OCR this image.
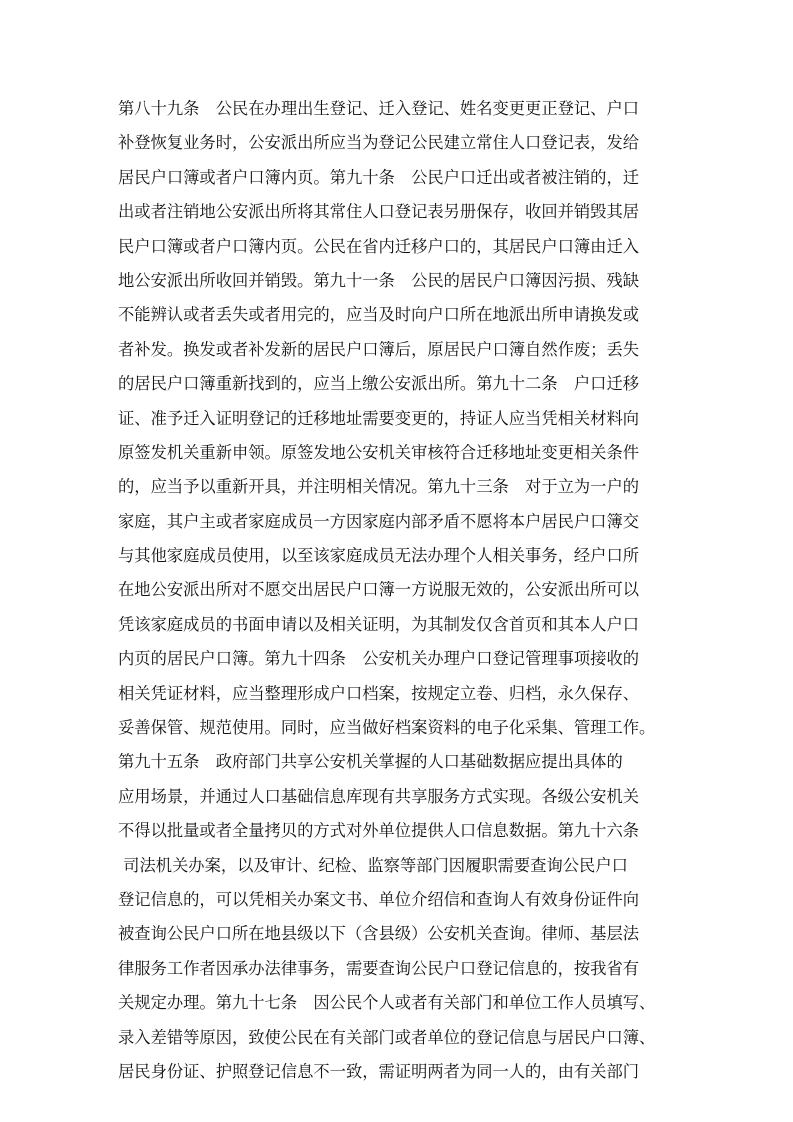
第八十九条　公民在办理出生登记、迁入登记、姓名变更更正登记、户口
补登恢复业务时，公安派出所应当为登记公民建立常住人口登记表，发给
居民户口簿或者户口簿内页。第九十条　公民户口迁出或者被注销的，迁
出或者注销地公安派出所将其常住人口登记表另册保存，收回并销毁其居
民户口簿或者户口簿内页。公民在省内迁移户口的，其居民户口簿由迁入
地公安派出所收回并销毁。第九十一条　公民的居民户口簿因污损、残缺
不能辨认或者丢失或者用完的，应当及时向户口所在地派出所申请换发或
者补发。换发或者补发新的居民户口簿后，原居民户口簿自然作废；丢失
的居民户口簿重新找到的，应当上缴公安派出所。第九十二条　户口迁移
证、准予迁入证明登记的迁移地址需要变更的，持证人应当凭相关材料向
原签发机关重新申领。原签发地公安机关审核符合迁移地址变更相关条件
的，应当予以重新开具，并注明相关情况。第九十三条　对于立为一户的
家庭，其户主或者家庭成员一方因家庭内部矛盾不愿将本户居民户口簿交
与其他家庭成员使用，以至该家庭成员无法办理个人相关事务，经户口所
在地公安派出所对不愿交出居民户口簿一方说服无效的，公安派出所可以
凭该家庭成员的书面申请以及相关证明，为其制发仅含首页和其本人户口
内页的居民户口簿。第九十四条　公安机关办理户口登记管理事项接收的
相关凭证材料，应当整理形成户口档案，按规定立卷、归档，永久保存、
妥善保管、规范使用。同时，应当做好档案资料的电子化采集、管理工作。
第九十五条　政府部门共享公安机关掌握的人口基础数据应提出具体的
应用场景，并通过人口基础信息库现有共享服务方式实现。各级公安机关
不得以批量或者全量拷贝的方式对外单位提供人口信息数据。第九十六条
司法机关办案，以及审计、纪检、监察等部门因履职需要查询公民户口
登记信息的，可以凭相关办案文书、单位介绍信和查询人有效身份证件向
被查询公民户口所在地县级以下（含县级）公安机关查询。律师、基层法
律服务工作者因承办法律事务，需要查询公民户口登记信息的，按我省有
关规定办理。第九十七条　因公民个人或者有关部门和单位工作人员填写、
录入差错等原因，致使公民在有关部门或者单位的登记信息与居民户口簿、
居民身份证、护照登记信息不一致，需证明两者为同一人的，由有关部门
